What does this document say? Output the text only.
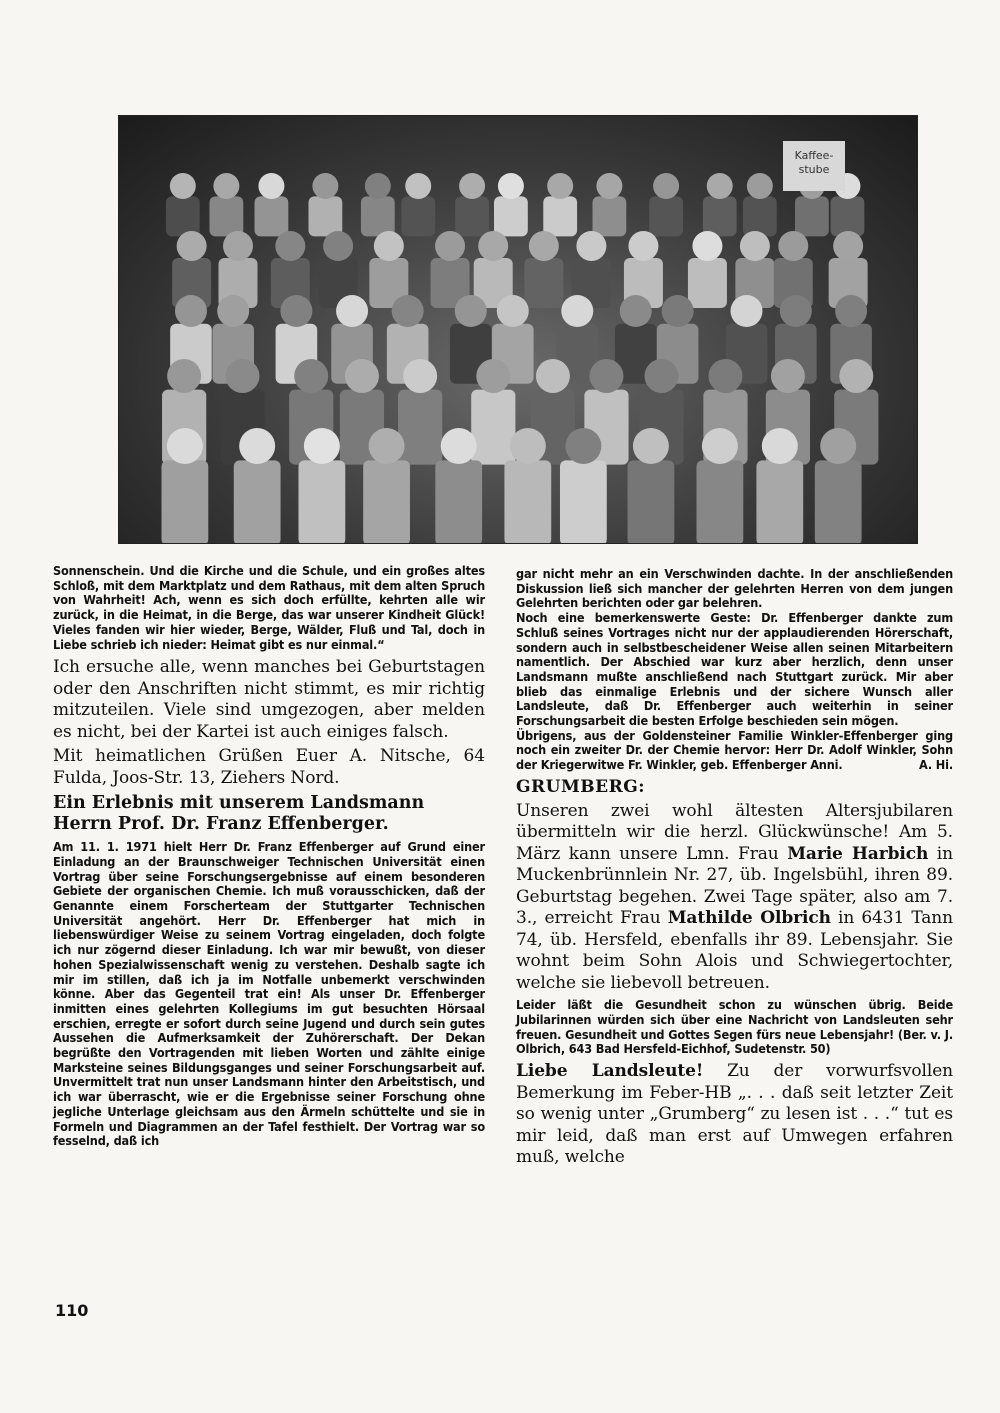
Kaffee-
stube

Sonnenschein. Und die Kirche und die Schule, und ein großes altes Schloß, mit dem Marktplatz und dem Rathaus, mit dem alten Spruch von Wahrheit! Ach, wenn es sich doch erfüllte, kehrten alle wir zurück, in die Heimat, in die Berge, das war unserer Kindheit Glück! Vieles fanden wir hier wieder, Berge, Wälder, Fluß und Tal, doch in Liebe schrieb ich nieder: Heimat gibt es nur einmal.“

Ich ersuche alle, wenn manches bei Geburtstagen oder den Anschriften nicht stimmt, es mir richtig mitzuteilen. Viele sind umgezogen, aber melden es nicht, bei der Kartei ist auch einiges falsch.

Mit heimatlichen Grüßen Euer A. Nitsche, 64 Fulda, Joos-Str. 13, Ziehers Nord.

Ein Erlebnis mit unserem Landsmann
Herrn Prof. Dr. Franz Effenberger.

Am 11. 1. 1971 hielt Herr Dr. Franz Effenberger auf Grund einer Einladung an der Braunschweiger Technischen Universität einen Vortrag über seine Forschungsergebnisse auf einem besonderen Gebiete der organischen Chemie. Ich muß vorausschicken, daß der Genannte einem Forscherteam der Stuttgarter Technischen Universität angehört. Herr Dr. Effenberger hat mich in liebenswürdiger Weise zu seinem Vortrag eingeladen, doch folgte ich nur zögernd dieser Einladung. Ich war mir bewußt, von dieser hohen Spezialwissenschaft wenig zu verstehen. Deshalb sagte ich mir im stillen, daß ich ja im Notfalle unbemerkt verschwinden könne. Aber das Gegenteil trat ein! Als unser Dr. Effenberger inmitten eines gelehrten Kollegiums im gut besuchten Hörsaal erschien, erregte er sofort durch seine Jugend und durch sein gutes Aussehen die Aufmerksamkeit der Zuhörerschaft. Der Dekan begrüßte den Vortragenden mit lieben Worten und zählte einige Marksteine seines Bildungsganges und seiner Forschungsarbeit auf. Unvermittelt trat nun unser Landsmann hinter den Arbeitstisch, und ich war überrascht, wie er die Ergebnisse seiner Forschung ohne jegliche Unterlage gleichsam aus den Ärmeln schüttelte und sie in Formeln und Diagrammen an der Tafel festhielt. Der Vortrag war so fesselnd, daß ich

gar nicht mehr an ein Verschwinden dachte. In der anschließenden Diskussion ließ sich mancher der gelehrten Herren von dem jungen Gelehrten berichten oder gar belehren.

Noch eine bemerkenswerte Geste: Dr. Effenberger dankte zum Schluß seines Vortrages nicht nur der applaudierenden Hörerschaft, sondern auch in selbstbescheidener Weise allen seinen Mitarbeitern namentlich. Der Abschied war kurz aber herzlich, denn unser Landsmann mußte anschließend nach Stuttgart zurück. Mir aber blieb das einmalige Erlebnis und der sichere Wunsch aller Landsleute, daß Dr. Effenberger auch weiterhin in seiner Forschungsarbeit die besten Erfolge beschieden sein mögen.

Übrigens, aus der Goldensteiner Familie Winkler-Effenberger ging noch ein zweiter Dr. der Chemie hervor: Herr Dr. Adolf Winkler, Sohn der Kriegerwitwe Fr. Winkler, geb. Effenberger Anni.	A. Hi.

GRUMBERG:

Unseren zwei wohl ältesten Altersjubilaren übermitteln wir die herzl. Glückwünsche! Am 5. März kann unsere Lmn. Frau Marie Harbich in Muckenbrünnlein Nr. 27, üb. Ingelsbühl, ihren 89. Geburtstag begehen. Zwei Tage später, also am 7. 3., erreicht Frau Mathilde Olbrich in 6431 Tann 74, üb. Hersfeld, ebenfalls ihr 89. Lebensjahr. Sie wohnt beim Sohn Alois und Schwiegertochter, welche sie liebevoll betreuen.

Leider läßt die Gesundheit schon zu wünschen übrig. Beide Jubilarinnen würden sich über eine Nachricht von Landsleuten sehr freuen. Gesundheit und Gottes Segen fürs neue Lebensjahr! (Ber. v. J. Olbrich, 643 Bad Hersfeld-Eichhof, Sudetenstr. 50)

Liebe Landsleute! Zu der vorwurfsvollen Bemerkung im Feber-HB „. . . daß seit letzter Zeit so wenig unter „Grumberg“ zu lesen ist . . .“ tut es mir leid, daß man erst auf Umwegen erfahren muß, welche

110
